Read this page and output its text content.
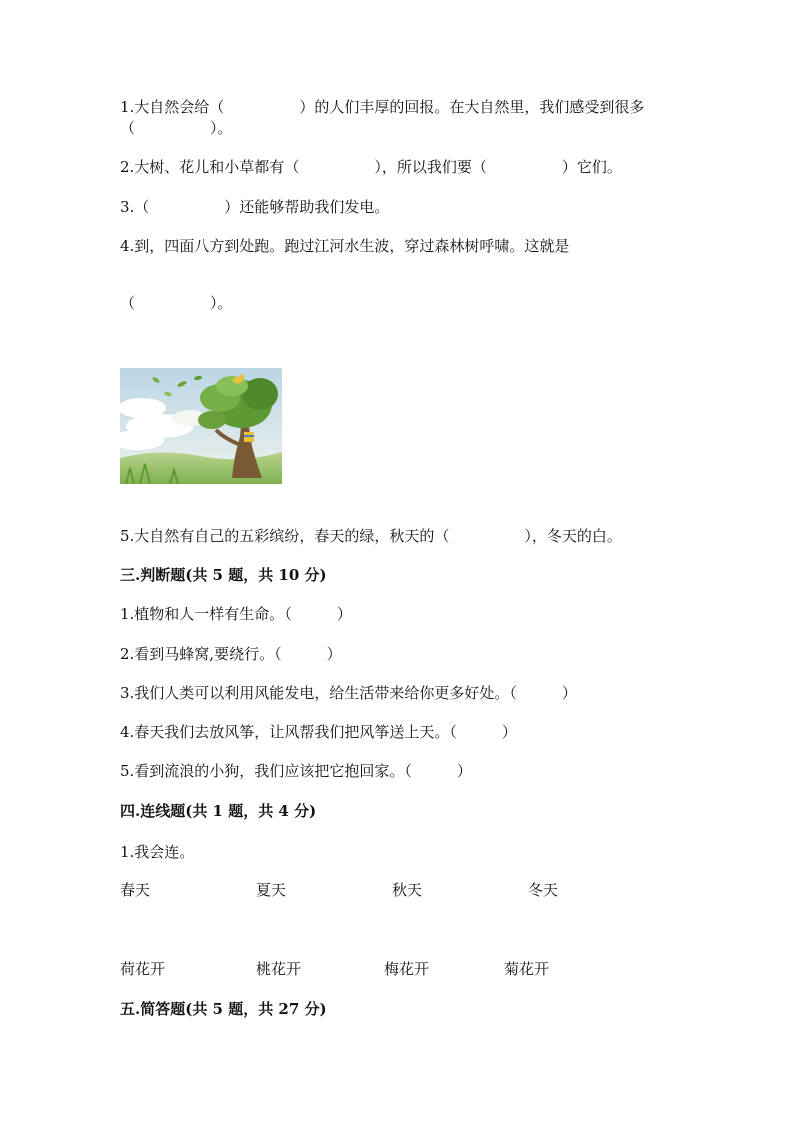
1.大自然会给（　　　　　）的人们丰厚的回报。在大自然里，我们感受到很多
（　　　　　）。
2.大树、花儿和小草都有（　　　　　），所以我们要（　　　　　）它们。
3.（　　　　　）还能够帮助我们发电。
4.到，四面八方到处跑。跑过江河水生波，穿过森林树呼啸。这就是
（　　　　　）。
5.大自然有自己的五彩缤纷，春天的绿，秋天的（　　　　　），冬天的白。
三.判断题(共 5 题，共 10 分)
1.植物和人一样有生命。（　　　）
2.看到马蜂窝,要绕行。（　　　）
3.我们人类可以利用风能发电，给生活带来给你更多好处。（　　　）
4.春天我们去放风筝，让风帮我们把风筝送上天。（　　　）
5.看到流浪的小狗，我们应该把它抱回家。（　　　）
四.连线题(共 1 题，共 4 分)
1.我会连。
春天	夏天	秋天	冬天
荷花开	桃花开	梅花开	菊花开
五.简答题(共 5 题，共 27 分)
